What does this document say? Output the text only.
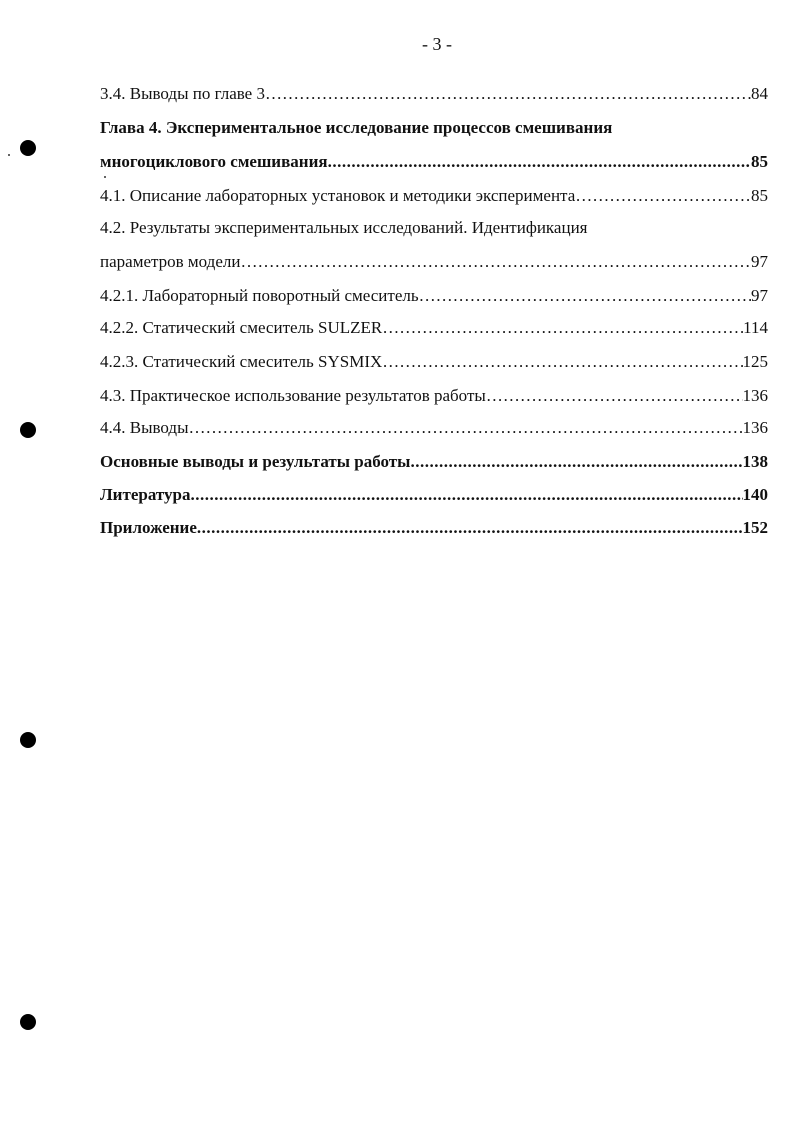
- 3 -
3.4. Выводы по главе 3 …………………………………………………………………………………………………………………………………………………………	84
Глава 4. Экспериментальное исследование процессов смешивания
многоциклового смешивания .....	85
4.1. Описание лабораторных установок и методики эксперимента …………………………………………………………………………………………………………………………………………………………	85
4.2. Результаты экспериментальных исследований. Идентификация
параметров модели …………………………………………………………………………………………………………………………………………………………	97
4.2.1. Лабораторный поворотный смеситель …………………………………………………………………………………………………………………………………………………………	97
4.2.2. Статический смеситель SULZER …………………………………………………………………………………………………………………………………………………………	114
4.2.3. Статический смеситель SYSMIX …………………………………………………………………………………………………………………………………………………………	125
4.3. Практическое использование результатов работы …………………………………………………………………………………………………………………………………………………………	136
4.4. Выводы …………………………………………………………………………………………………………………………………………………………	136
Основные выводы и результаты работы .....	138
Литература .....	140
Приложение .....	152
